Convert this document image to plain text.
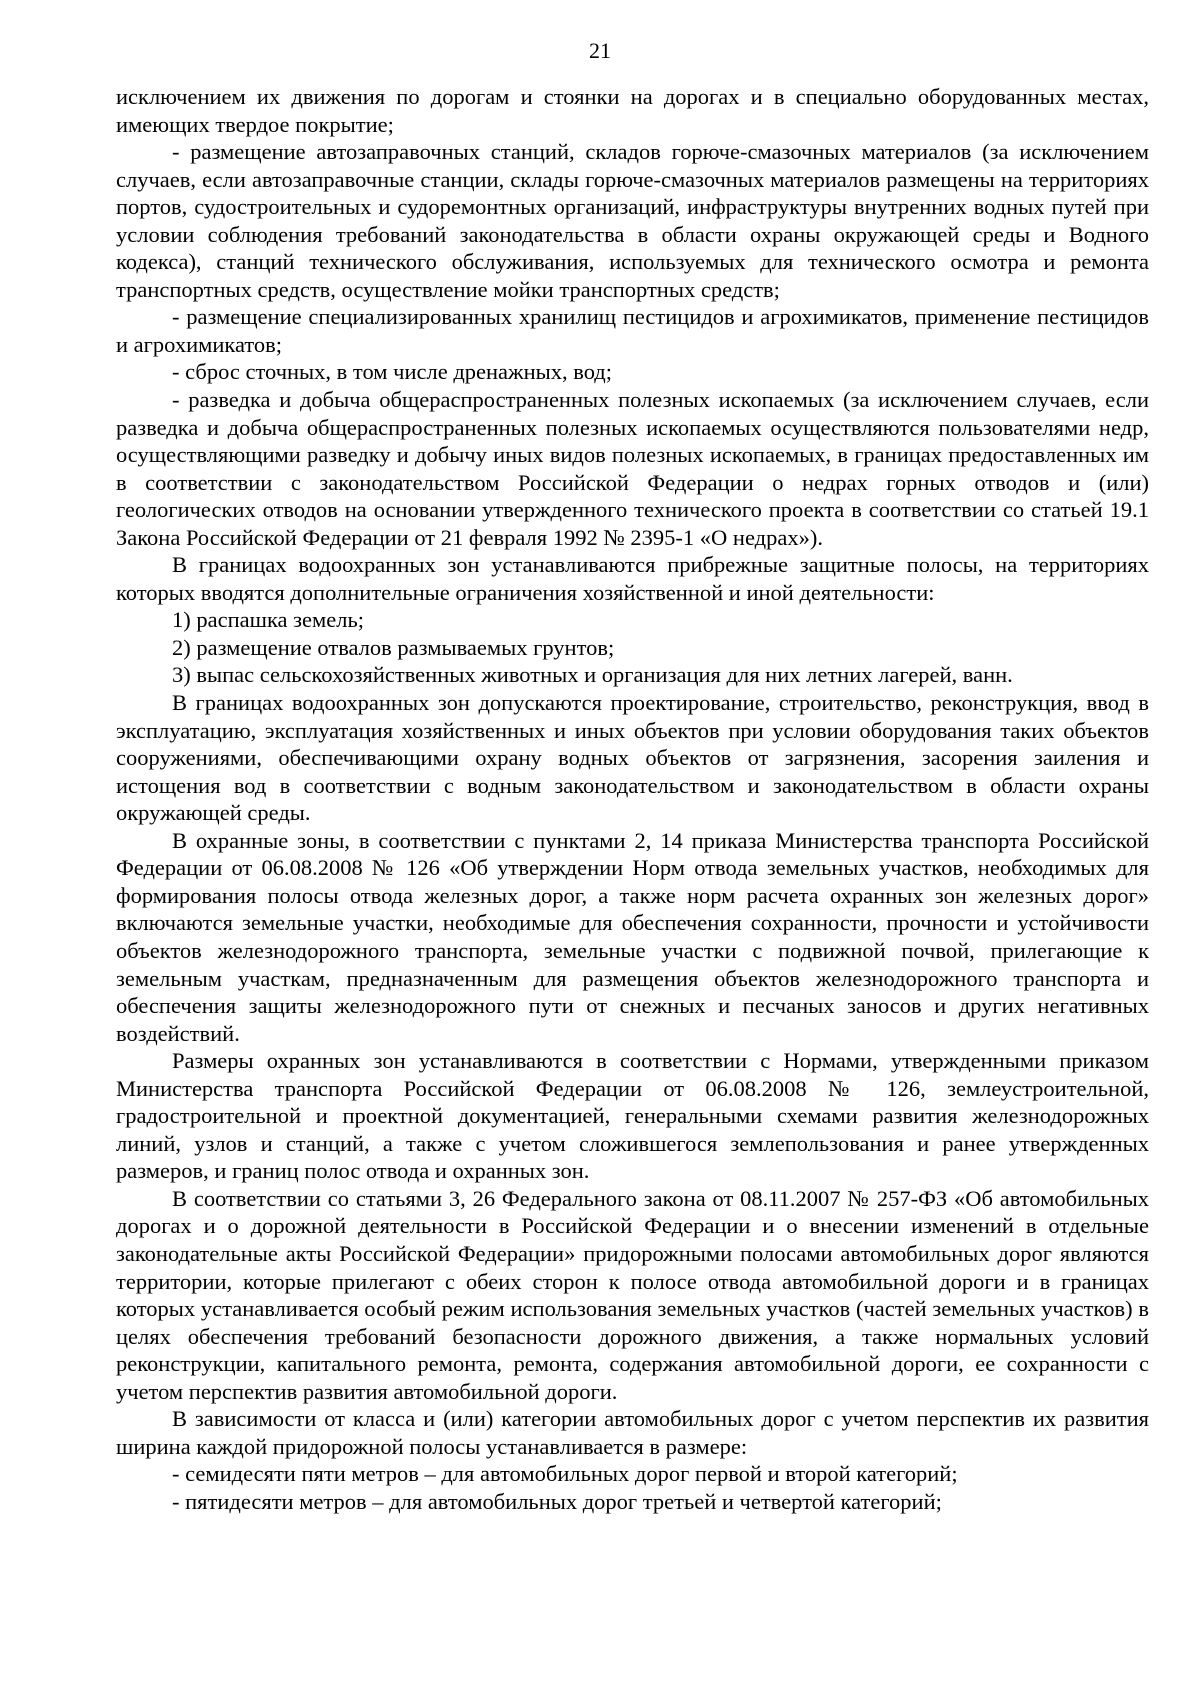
21

исключением их движения по дорогам и стоянки на дорогах и в специально оборудованных местах, имеющих твердое покрытие;

- размещение автозаправочных станций, складов горюче-смазочных материалов (за исключением случаев, если автозаправочные станции, склады горюче-смазочных материалов размещены на территориях портов, судостроительных и судоремонтных организаций, инфраструктуры внутренних водных путей при условии соблюдения требований законодательства в области охраны окружающей среды и Водного кодекса), станций технического обслуживания, используемых для технического осмотра и ремонта транспортных средств, осуществление мойки транспортных средств;

- размещение специализированных хранилищ пестицидов и агрохимикатов, применение пестицидов и агрохимикатов;

- сброс сточных, в том числе дренажных, вод;

- разведка и добыча общераспространенных полезных ископаемых (за исключением случаев, если разведка и добыча общераспространенных полезных ископаемых осуществляются пользователями недр, осуществляющими разведку и добычу иных видов полезных ископаемых, в границах предоставленных им в соответствии с законодательством Российской Федерации о недрах горных отводов и (или) геологических отводов на основании утвержденного технического проекта в соответствии со статьей 19.1 Закона Российской Федерации от 21 февраля 1992 № 2395-1 «О недрах»).

В границах водоохранных зон устанавливаются прибрежные защитные полосы, на территориях которых вводятся дополнительные ограничения хозяйственной и иной деятельности:

1) распашка земель;

2) размещение отвалов размываемых грунтов;

3) выпас сельскохозяйственных животных и организация для них летних лагерей, ванн.

В границах водоохранных зон допускаются проектирование, строительство, реконструкция, ввод в эксплуатацию, эксплуатация хозяйственных и иных объектов при условии оборудования таких объектов сооружениями, обеспечивающими охрану водных объектов от загрязнения, засорения заиления и истощения вод в соответствии с водным законодательством и законодательством в области охраны окружающей среды.

В охранные зоны, в соответствии с пунктами 2, 14 приказа Министерства транспорта Российской Федерации от 06.08.2008 № 126 «Об утверждении Норм отвода земельных участков, необходимых для формирования полосы отвода железных дорог, а также норм расчета охранных зон железных дорог» включаются земельные участки, необходимые для обеспечения сохранности, прочности и устойчивости объектов железнодорожного транспорта, земельные участки с подвижной почвой, прилегающие к земельным участкам, предназначенным для размещения объектов железнодорожного транспорта и обеспечения защиты железнодорожного пути от снежных и песчаных заносов и других негативных воздействий.

Размеры охранных зон устанавливаются в соответствии с Нормами, утвержденными приказом Министерства транспорта Российской Федерации от 06.08.2008 № 126, землеустроительной, градостроительной и проектной документацией, генеральными схемами развития железнодорожных линий, узлов и станций, а также с учетом сложившегося землепользования и ранее утвержденных размеров, и границ полос отвода и охранных зон.

В соответствии со статьями 3, 26 Федерального закона от 08.11.2007 № 257-ФЗ «Об автомобильных дорогах и о дорожной деятельности в Российской Федерации и о внесении изменений в отдельные законодательные акты Российской Федерации» придорожными полосами автомобильных дорог являются территории, которые прилегают с обеих сторон к полосе отвода автомобильной дороги и в границах которых устанавливается особый режим использования земельных участков (частей земельных участков) в целях обеспечения требований безопасности дорожного движения, а также нормальных условий реконструкции, капитального ремонта, ремонта, содержания автомобильной дороги, ее сохранности с учетом перспектив развития автомобильной дороги.

В зависимости от класса и (или) категории автомобильных дорог с учетом перспектив их развития ширина каждой придорожной полосы устанавливается в размере:

- семидесяти пяти метров – для автомобильных дорог первой и второй категорий;

- пятидесяти метров – для автомобильных дорог третьей и четвертой категорий;
